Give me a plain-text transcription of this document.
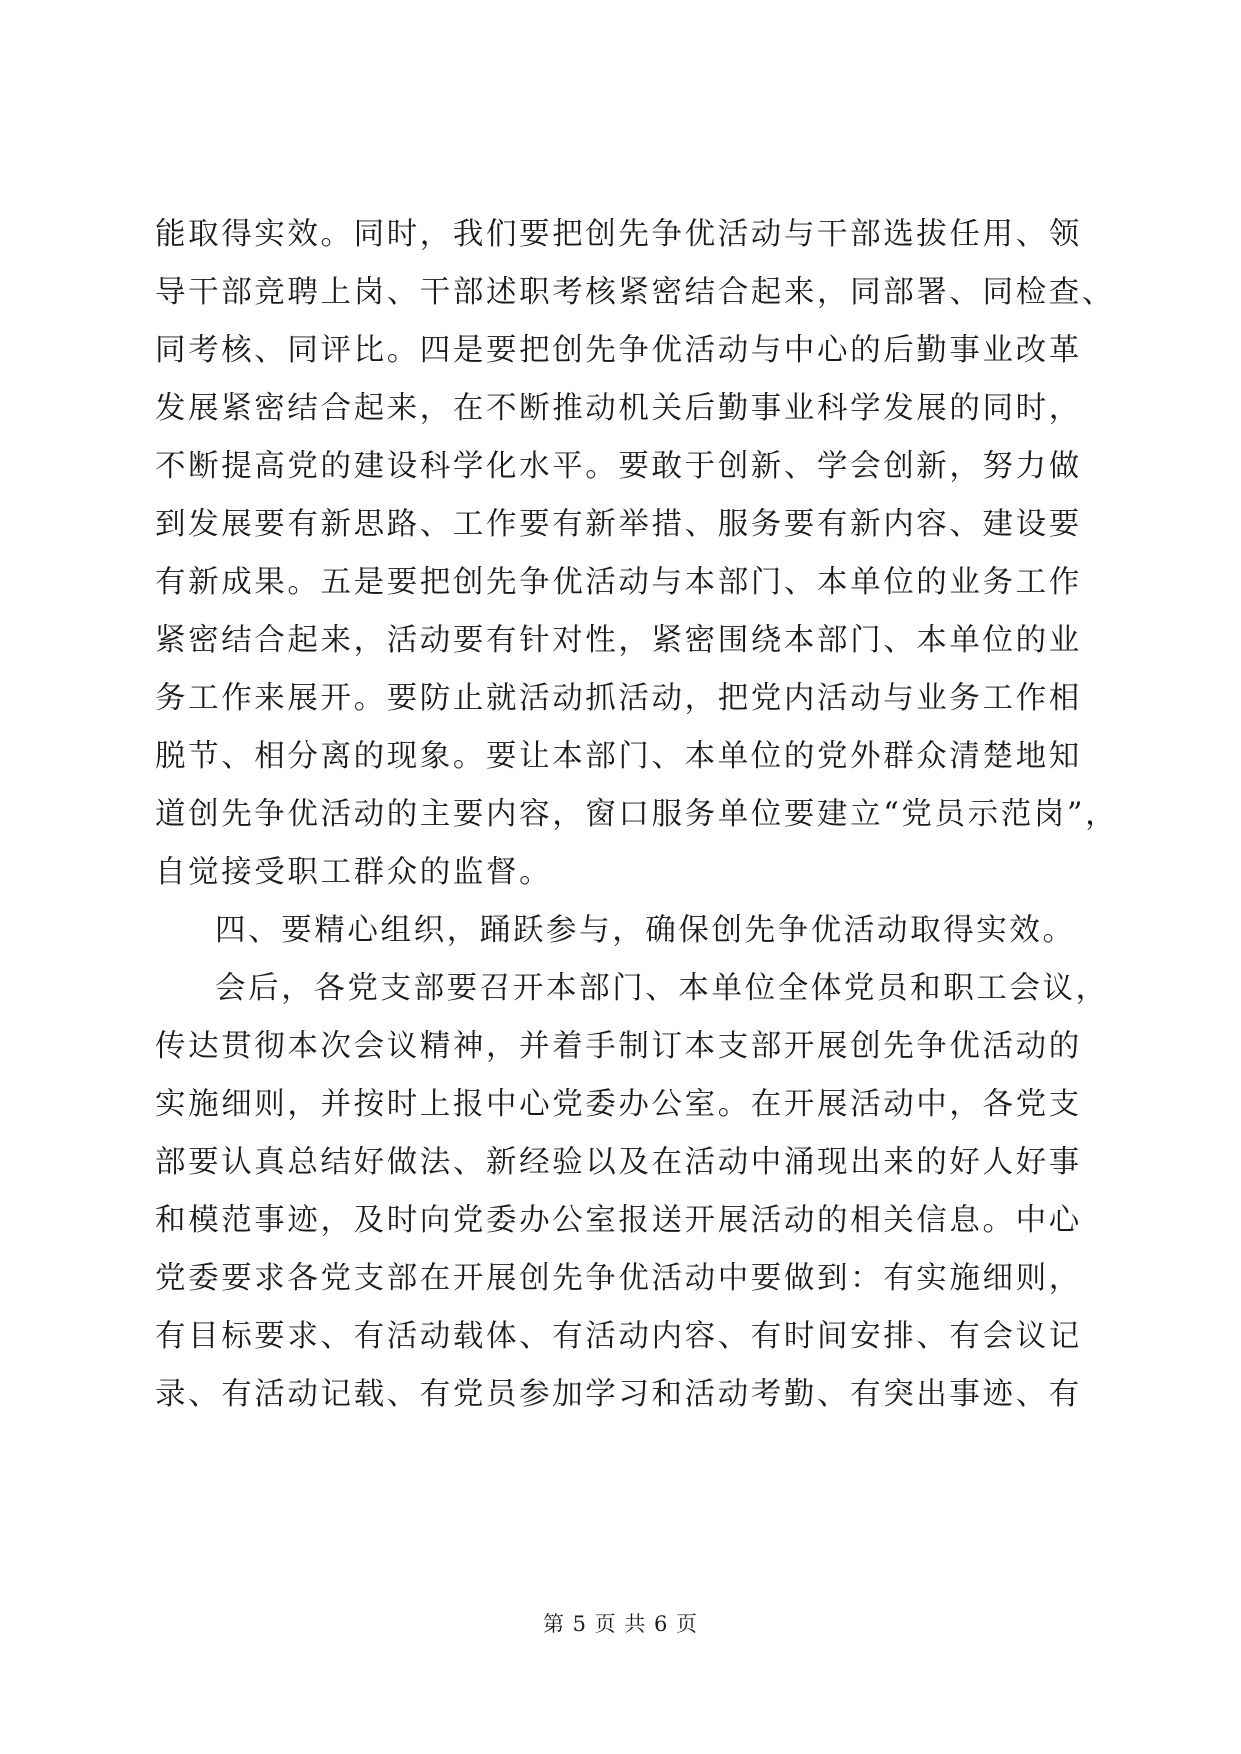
能取得实效。同时，我们要把创先争优活动与干部选拔任用、领
导干部竞聘上岗、干部述职考核紧密结合起来，同部署、同检查、
同考核、同评比。四是要把创先争优活动与中心的后勤事业改革
发展紧密结合起来，在不断推动机关后勤事业科学发展的同时，
不断提高党的建设科学化水平。要敢于创新、学会创新，努力做
到发展要有新思路、工作要有新举措、服务要有新内容、建设要
有新成果。五是要把创先争优活动与本部门、本单位的业务工作
紧密结合起来，活动要有针对性，紧密围绕本部门、本单位的业
务工作来展开。要防止就活动抓活动，把党内活动与业务工作相
脱节、相分离的现象。要让本部门、本单位的党外群众清楚地知
道创先争优活动的主要内容，窗口服务单位要建立“党员示范岗”，
自觉接受职工群众的监督。
四、要精心组织，踊跃参与，确保创先争优活动取得实效。
会后，各党支部要召开本部门、本单位全体党员和职工会议，
传达贯彻本次会议精神，并着手制订本支部开展创先争优活动的
实施细则，并按时上报中心党委办公室。在开展活动中，各党支
部要认真总结好做法、新经验以及在活动中涌现出来的好人好事
和模范事迹，及时向党委办公室报送开展活动的相关信息。中心
党委要求各党支部在开展创先争优活动中要做到：有实施细则，
有目标要求、有活动载体、有活动内容、有时间安排、有会议记
录、有活动记载、有党员参加学习和活动考勤、有突出事迹、有
第 5 页 共 6 页
